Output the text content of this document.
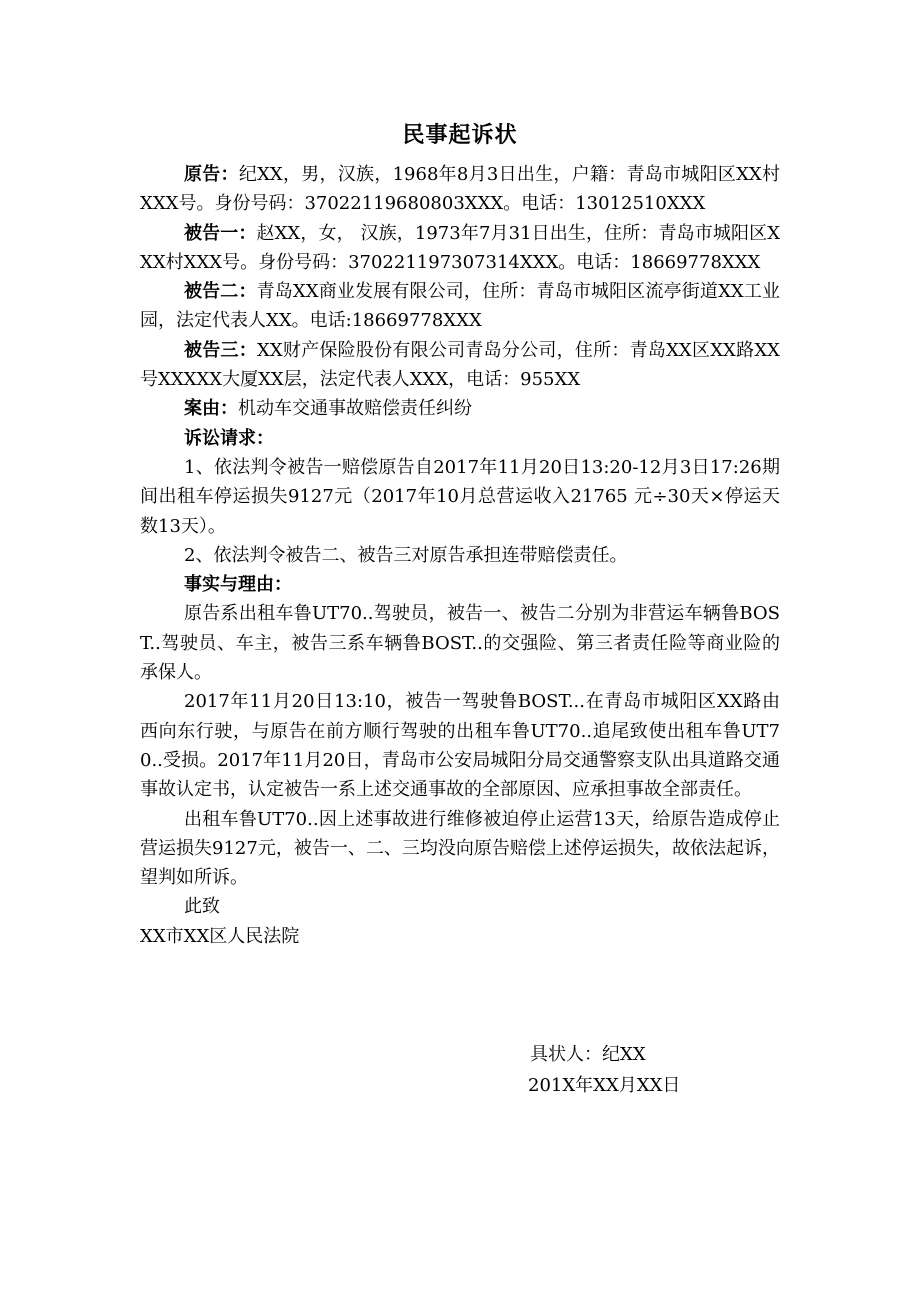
民事起诉状

原告：纪XX，男，汉族，1968年8月3日出生，户籍：青岛市城阳区XX村XXX号。身份号码：37022119680803XXX。电话：13012510XXX

被告一：赵XX，女， 汉族，1973年7月31日出生，住所：青岛市城阳区XXX村XXX号。身份号码：370221197307314XXX。电话：18669778XXX

被告二：青岛XX商业发展有限公司，住所：青岛市城阳区流亭街道XX工业园，法定代表人XX。电话:18669778XXX

被告三：XX财产保险股份有限公司青岛分公司，住所：青岛XX区XX路XX号XXXXX大厦XX层，法定代表人XXX，电话：955XX

案由：机动车交通事故赔偿责任纠纷

诉讼请求：

1、依法判令被告一赔偿原告自2017年11月20日13:20-12月3日17:26期间出租车停运损失9127元（2017年10月总营运收入21765 元÷30天×停运天数13天）。

2、依法判令被告二、被告三对原告承担连带赔偿责任。

事实与理由：

原告系出租车鲁UT70..驾驶员，被告一、被告二分别为非营运车辆鲁BOST..驾驶员、车主，被告三系车辆鲁BOST..的交强险、第三者责任险等商业险的承保人。

2017年11月20日13:10，被告一驾驶鲁BOST...在青岛市城阳区XX路由西向东行驶，与原告在前方顺行驾驶的出租车鲁UT70..追尾致使出租车鲁UT70..受损。2017年11月20日，青岛市公安局城阳分局交通警察支队出具道路交通事故认定书，认定被告一系上述交通事故的全部原因、应承担事故全部责任。

出租车鲁UT70..因上述事故进行维修被迫停止运营13天，给原告造成停止营运损失9127元，被告一、二、三均没向原告赔偿上述停运损失，故依法起诉，望判如所诉。

此致

XX市XX区人民法院

具状人：纪XX
201X年XX月XX日
